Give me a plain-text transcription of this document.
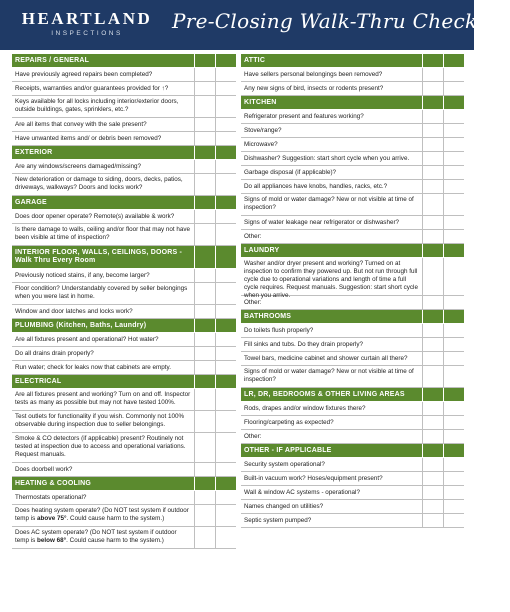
HEARTLAND
INSPECTIONS
Pre-Closing Walk-Thru Checklist
REPAIRS / GENERAL
Have previously agreed repairs been completed?
Receipts, warranties and/or guarantees provided for ↑?
Keys available for all locks including interior/exterior doors, outside buildings, gates, sprinklers, etc.?
Are all items that convey with the sale present?
Have unwanted items and/ or debris been removed?
EXTERIOR
Are any windows/screens damaged/missing?
New deterioration or damage to siding, doors, decks, patios, driveways, walkways? Doors and locks work?
GARAGE
Does door opener operate? Remote(s) available & work?
Is there damage to walls, ceiling and/or floor that may not have been visible at time of inspection?
INTERIOR FLOOR, WALLS, CEILINGS, DOORS - Walk Thru Every Room
Previously noticed stains, if any, become larger?
Floor condition? Understandably covered by seller belongings when you were last in home.
Window and door latches and locks work?
PLUMBING (Kitchen, Baths, Laundry)
Are all fixtures present and operational? Hot water?
Do all drains drain properly?
Run water; check for leaks now that cabinets are empty.
ELECTRICAL
Are all fixtures present and working? Turn on and off. Inspector tests as many as possible but may not have tested 100%.
Test outlets for functionality if you wish. Commonly not 100% observable during inspection due to seller belongings.
Smoke & CO detectors (if applicable) present? Routinely not tested at inspection due to access and operational variations. Request manuals.
Does doorbell work?
HEATING & COOLING
Thermostats operational?
Does heating system operate? (Do NOT test system if outdoor temp is above 75°. Could cause harm to the system.)
Does AC system operate? (Do NOT test system if outdoor temp is below 68°. Could cause harm to the system.)
ATTIC
Have sellers personal belongings been removed?
Any new signs of bird, insects or rodents present?
KITCHEN
Refrigerator present and features working?
Stove/range?
Microwave?
Dishwasher? Suggestion: start short cycle when you arrive.
Garbage disposal (if applicable)?
Do all appliances have knobs, handles, racks, etc.?
Signs of mold or water damage? New or not visible at time of inspection?
Signs of water leakage near refrigerator or dishwasher?
Other:
LAUNDRY
Washer and/or dryer present and working? Turned on at inspection to confirm they powered up. But not run through full cycle due to operational variations and length of time a full cycle requires. Request manuals. Suggestion: start short cycle when you arrive.
Other:
BATHROOMS
Do toilets flush properly?
Fill sinks and tubs. Do they drain properly?
Towel bars, medicine cabinet and shower curtain all there?
Signs of mold or water damage? New or not visible at time of inspection?
LR, DR, BEDROOMS & OTHER LIVING AREAS
Rods, drapes and/or window fixtures there?
Flooring/carpeting as expected?
Other:
OTHER - IF APPLICABLE
Security system operational?
Built-in vacuum work? Hoses/equipment present?
Wall & window AC systems - operational?
Names changed on utilities?
Septic system pumped?
